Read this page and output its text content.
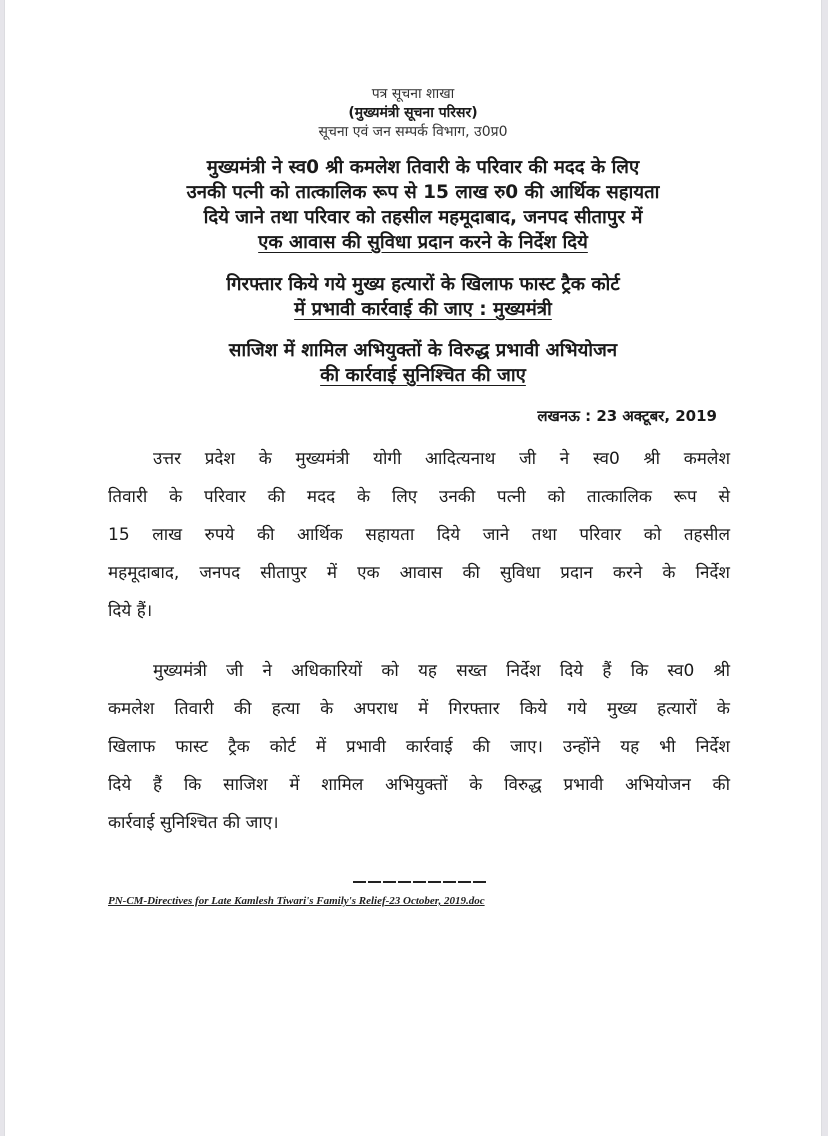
पत्र सूचना शाखा
(मुख्यमंत्री सूचना परिसर)
सूचना एवं जन सम्पर्क विभाग, उ0प्र0
मुख्यमंत्री ने स्व0 श्री कमलेश तिवारी के परिवार की मदद के लिए
उनकी पत्नी को तात्कालिक रूप से 15 लाख रु0 की आर्थिक सहायता
दिये जाने तथा परिवार को तहसील महमूदाबाद, जनपद सीतापुर में
एक आवास की सुविधा प्रदान करने के निर्देश दिये
गिरफ्तार किये गये मुख्य हत्यारों के खिलाफ फास्ट ट्रैक कोर्ट
में प्रभावी कार्रवाई की जाए : मुख्यमंत्री
साजिश में शामिल अभियुक्तों के विरुद्ध प्रभावी अभियोजन
की कार्रवाई सुनिश्चित की जाए
लखनऊ : 23 अक्टूबर, 2019
उत्तर प्रदेश के मुख्यमंत्री योगी आदित्यनाथ जी ने स्व0 श्री कमलेश
तिवारी के परिवार की मदद के लिए उनकी पत्नी को तात्कालिक रूप से
15 लाख रुपये की आर्थिक सहायता दिये जाने तथा परिवार को तहसील
महमूदाबाद, जनपद सीतापुर में एक आवास की सुविधा प्रदान करने के निर्देश
दिये हैं।
मुख्यमंत्री जी ने अधिकारियों को यह सख्त निर्देश दिये हैं कि स्व0 श्री
कमलेश तिवारी की हत्या के अपराध में गिरफ्तार किये गये मुख्य हत्यारों के
खिलाफ फास्ट ट्रैक कोर्ट में प्रभावी कार्रवाई की जाए। उन्होंने यह भी निर्देश
दिये हैं कि साजिश में शामिल अभियुक्तों के विरुद्ध प्रभावी अभियोजन की
कार्रवाई सुनिश्चित की जाए।
PN-CM-Directives for Late Kamlesh Tiwari's Family's Relief-23 October, 2019.doc
